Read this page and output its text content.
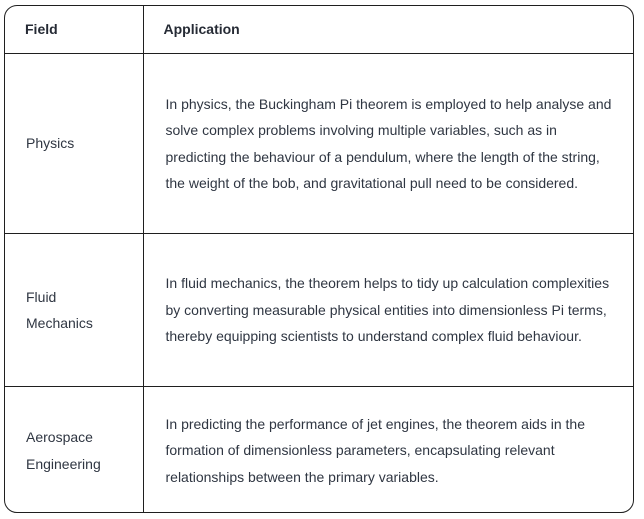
Field	Application
Physics	In physics, the Buckingham Pi theorem is employed to help analyse and solve complex problems involving multiple variables, such as in predicting the behaviour of a pendulum, where the length of the string, the weight of the bob, and gravitational pull need to be considered.
Fluid Mechanics	In fluid mechanics, the theorem helps to tidy up calculation complexities by converting measurable physical entities into dimensionless Pi terms, thereby equipping scientists to understand complex fluid behaviour.
Aerospace Engineering	In predicting the performance of jet engines, the theorem aids in the formation of dimensionless parameters, encapsulating relevant relationships between the primary variables.
